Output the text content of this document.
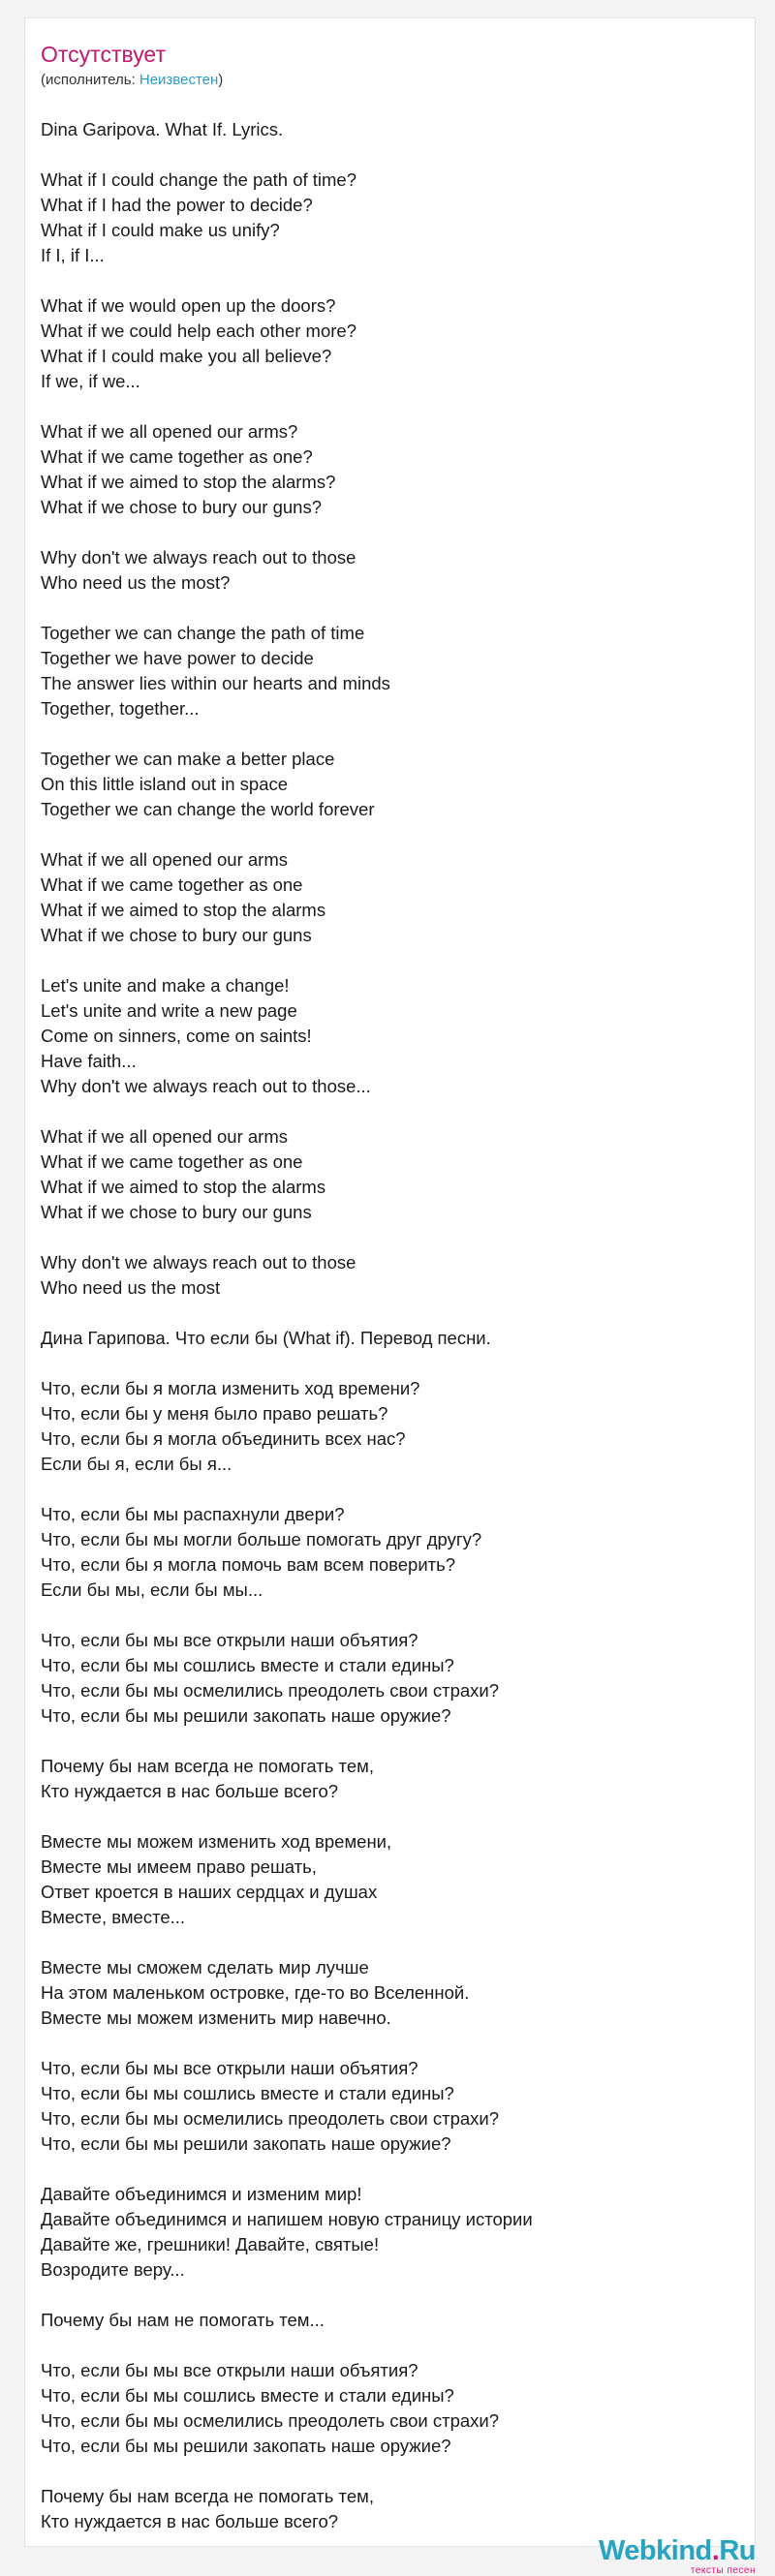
Отсутствует
(исполнитель: Неизвестен)
Dina Garipova. What If. Lyrics.
What if I could change the path of time?
What if I had the power to decide?
What if I could make us unify?
If I, if I...
What if we would open up the doors?
What if we could help each other more?
What if I could make you all believe?
If we, if we...
What if we all opened our arms?
What if we came together as one?
What if we aimed to stop the alarms?
What if we chose to bury our guns?
Why don't we always reach out to those
Who need us the most?
Together we can change the path of time
Together we have power to decide
The answer lies within our hearts and minds
Together, together...
Together we can make a better place
On this little island out in space
Together we can change the world forever
What if we all opened our arms
What if we came together as one
What if we aimed to stop the alarms
What if we chose to bury our guns
Let's unite and make a change!
Let's unite and write a new page
Come on sinners, come on saints!
Have faith...
Why don't we always reach out to those...
What if we all opened our arms
What if we came together as one
What if we aimed to stop the alarms
What if we chose to bury our guns
Why don't we always reach out to those
Who need us the most
Дина Гарипова. Что если бы (What if). Перевод песни.
Что, если бы я могла изменить ход времени?
Что, если бы у меня было право решать?
Что, если бы я могла объединить всех нас?
Если бы я, если бы я...
Что, если бы мы распахнули двери?
Что, если бы мы могли больше помогать друг другу?
Что, если бы я могла помочь вам всем поверить?
Если бы мы, если бы мы...
Что, если бы мы все открыли наши объятия?
Что, если бы мы сошлись вместе и стали едины?
Что, если бы мы осмелились преодолеть свои страхи?
Что, если бы мы решили закопать наше оружие?
Почему бы нам всегда не помогать тем,
Кто нуждается в нас больше всего?
Вместе мы можем изменить ход времени,
Вместе мы имеем право решать,
Ответ кроется в наших сердцах и душах
Вместе, вместе...
Вместе мы сможем сделать мир лучше
На этом маленьком островке, где-то во Вселенной.
Вместе мы можем изменить мир навечно.
Что, если бы мы все открыли наши объятия?
Что, если бы мы сошлись вместе и стали едины?
Что, если бы мы осмелились преодолеть свои страхи?
Что, если бы мы решили закопать наше оружие?
Давайте объединимся и изменим мир!
Давайте объединимся и напишем новую страницу истории
Давайте же, грешники! Давайте, святые!
Возродите веру...
Почему бы нам не помогать тем...
Что, если бы мы все открыли наши объятия?
Что, если бы мы сошлись вместе и стали едины?
Что, если бы мы осмелились преодолеть свои страхи?
Что, если бы мы решили закопать наше оружие?
Почему бы нам всегда не помогать тем,
Кто нуждается в нас больше всего?
Webkind.Ru
тексты песен
